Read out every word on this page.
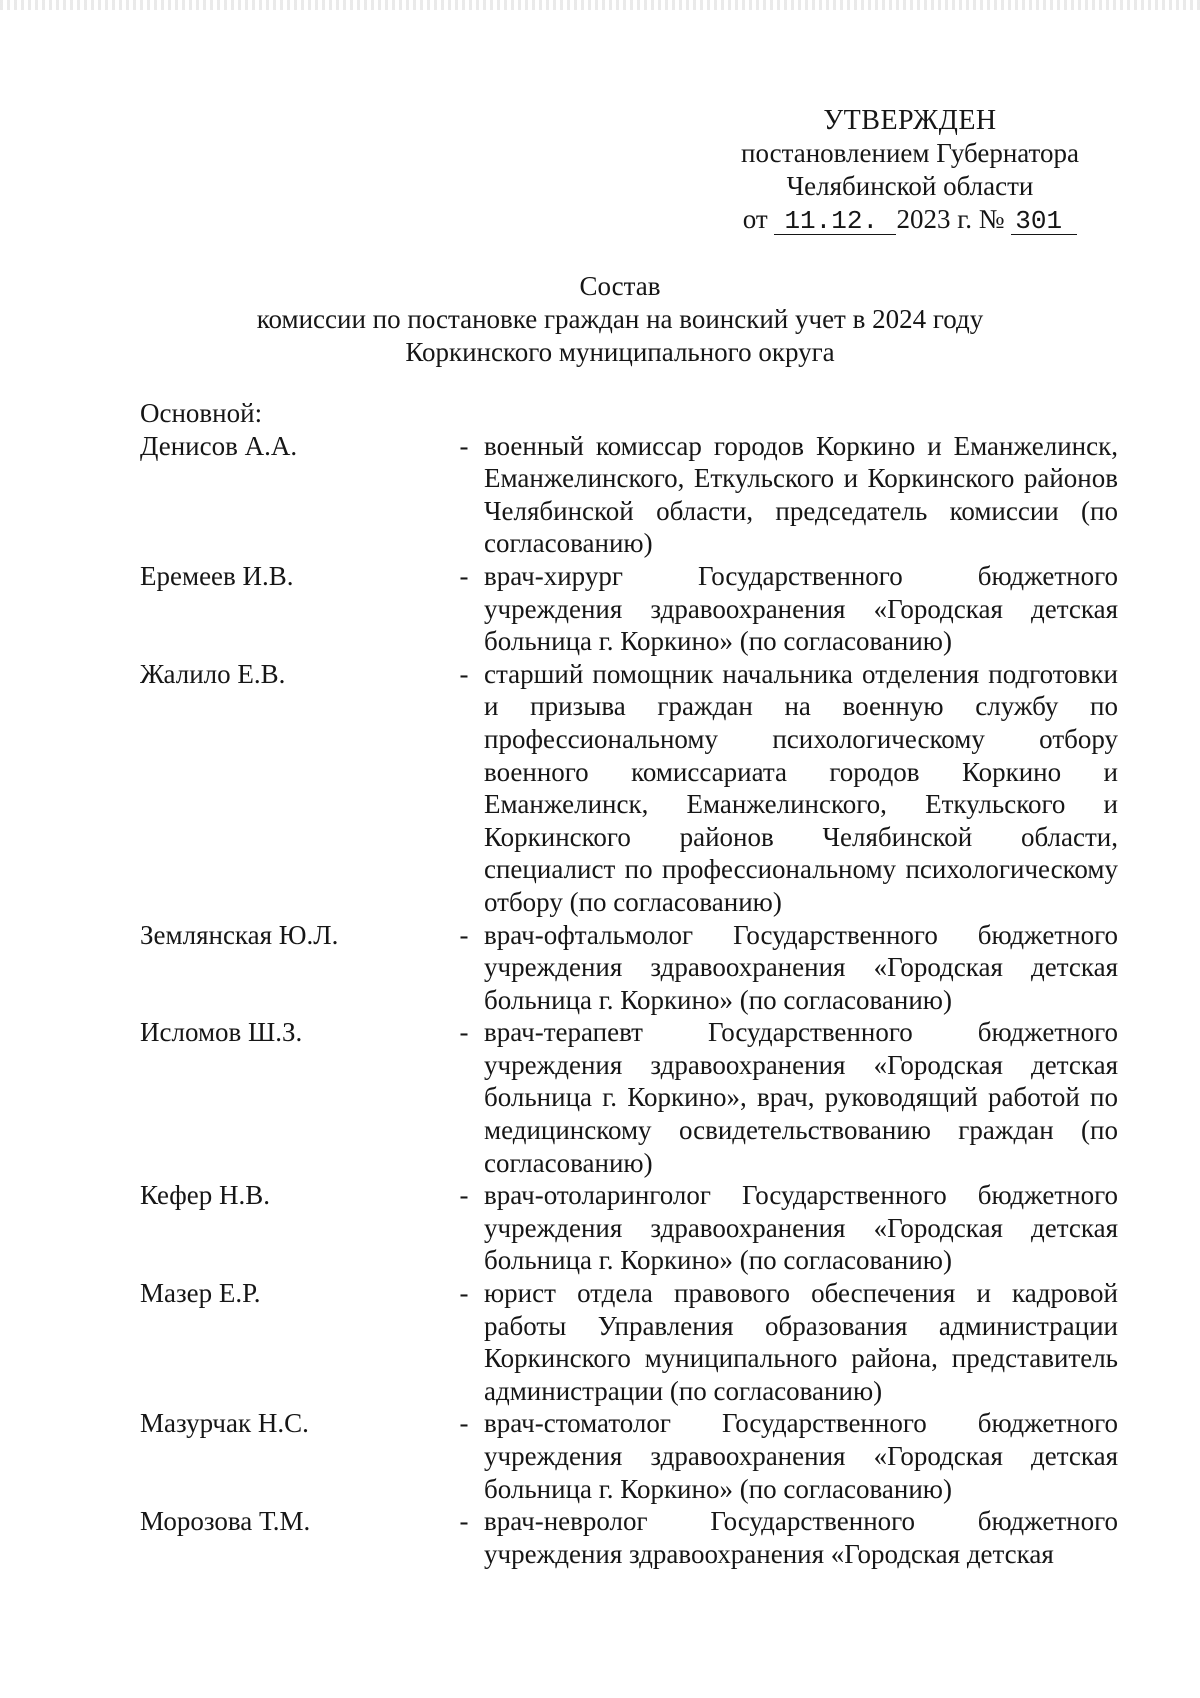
УТВЕРЖДЕН
постановлением Губернатора
Челябинской области
от 11.12. 2023 г. № 301
Состав
комиссии по постановке граждан на воинский учет в 2024 году
Коркинского муниципального округа
Основной:
Денисов А.А.	- военный комиссар городов Коркино и Еманжелинск, Еманжелинского, Еткульского и Коркинского районов Челябинской области, председатель комиссии (по согласованию)
Еремеев И.В.	- врач-хирург Государственного бюджетного учреждения здравоохранения «Городская детская больница г. Коркино» (по согласованию)
Жалило Е.В.	- старший помощник начальника отделения подготовки и призыва граждан на военную службу по профессиональному психологическому отбору военного комиссариата городов Коркино и Еманжелинск, Еманжелинского, Еткульского и Коркинского районов Челябинской области, специалист по профессиональному психологическому отбору (по согласованию)
Землянская Ю.Л.	- врач-офтальмолог Государственного бюджетного учреждения здравоохранения «Городская детская больница г. Коркино» (по согласованию)
Исломов Ш.З.	- врач-терапевт Государственного бюджетного учреждения здравоохранения «Городская детская больница г. Коркино», врач, руководящий работой по медицинскому освидетельствованию граждан (по согласованию)
Кефер Н.В.	- врач-отоларинголог Государственного бюджетного учреждения здравоохранения «Городская детская больница г. Коркино» (по согласованию)
Мазер Е.Р.	- юрист отдела правового обеспечения и кадровой работы Управления образования администрации Коркинского муниципального района, представитель администрации (по согласованию)
Мазурчак Н.С.	- врач-стоматолог Государственного бюджетного учреждения здравоохранения «Городская детская больница г. Коркино» (по согласованию)
Морозова Т.М.	- врач-невролог Государственного бюджетного учреждения здравоохранения «Городская детская
